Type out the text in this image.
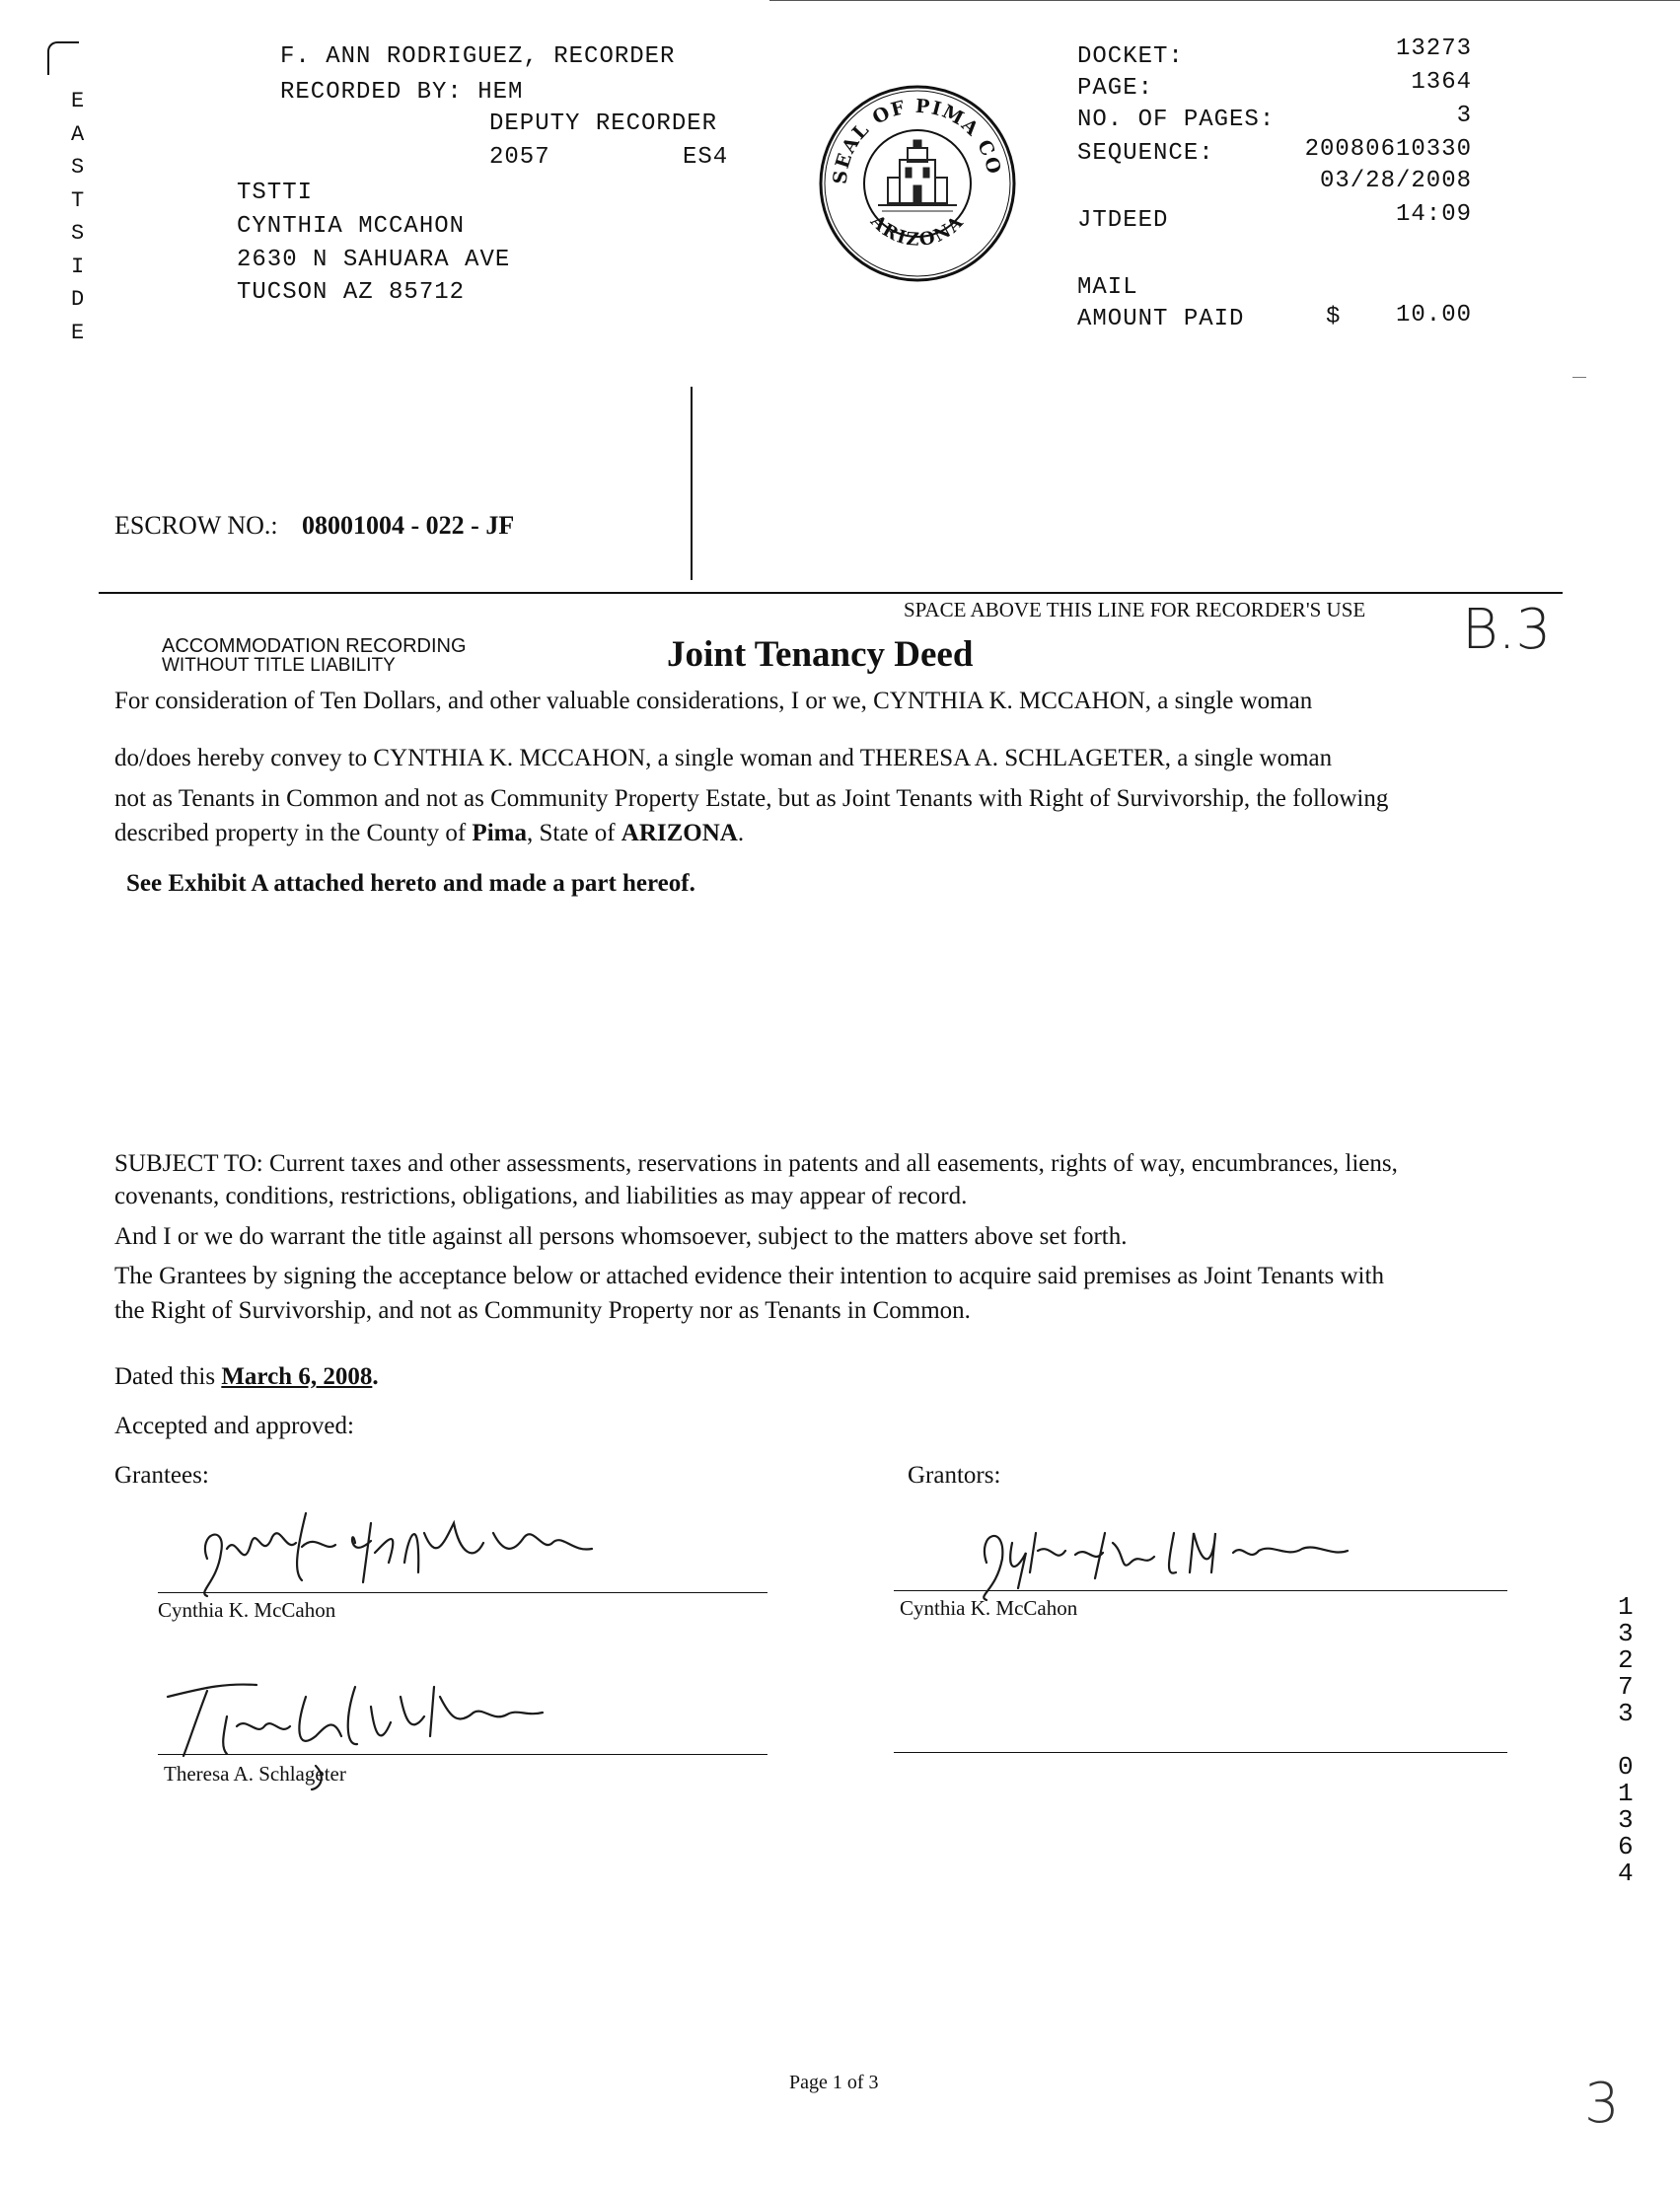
E
A
S
T
S
I
D
E
F. ANN RODRIGUEZ, RECORDER
RECORDED BY: HEM
DEPUTY RECORDER
2057	ES4
TSTTI
CYNTHIA MCCAHON
2630 N SAHUARA AVE
TUCSON AZ 85712
SEAL OF PIMA CO
ARIZONA
DOCKET:	13273
PAGE:	1364
NO. OF PAGES:	3
SEQUENCE:	20080610330
03/28/2008
JTDEED	14:09
MAIL
AMOUNT PAID	$	10.00
ESCROW NO.: 08001004 - 022 - JF
SPACE ABOVE THIS LINE FOR RECORDER'S USE B.3
ACCOMMODATION RECORDING
WITHOUT TITLE LIABILITY	Joint Tenancy Deed
For consideration of Ten Dollars, and other valuable considerations, I or we, CYNTHIA K. MCCAHON, a single woman
do/does hereby convey to CYNTHIA K. MCCAHON, a single woman and THERESA A. SCHLAGETER, a single woman
not as Tenants in Common and not as Community Property Estate, but as Joint Tenants with Right of Survivorship, the following
described property in the County of Pima, State of ARIZONA.
See Exhibit A attached hereto and made a part hereof.
SUBJECT TO: Current taxes and other assessments, reservations in patents and all easements, rights of way, encumbrances, liens,
covenants, conditions, restrictions, obligations, and liabilities as may appear of record.
And I or we do warrant the title against all persons whomsoever, subject to the matters above set forth.
The Grantees by signing the acceptance below or attached evidence their intention to acquire said premises as Joint Tenants with
the Right of Survivorship, and not as Community Property nor as Tenants in Common.
Dated this March 6, 2008.
Accepted and approved:
Grantees:	Grantors:
Cynthia K. McCahon	Cynthia K. McCahon
Theresa A. Schlageter
1
3
2
7
3

0
1
3
6
4
Page 1 of 3	3
